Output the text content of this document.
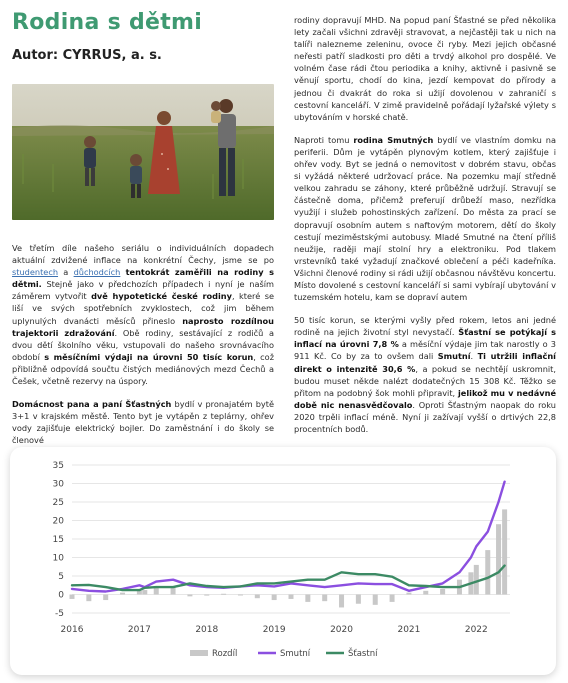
Rodina s dětmi
Autor: CYRRUS, a. s.

Ve třetím díle našeho seriálu o individuálních dopadech aktuální zdvižené inflace na konkrétní Čechy, jsme se po studentech a důchodcích tentokrát zaměřili na rodiny s dětmi. Stejně jako v předchozích případech i nyní je naším záměrem vytvořit dvě hypotetické české rodiny, které se liší ve svých spotřebních zvyklostech, což jim během uplynulých dvanácti měsíců přineslo naprosto rozdílnou trajektorii zdražování. Obě rodiny, sestávající z rodičů a dvou dětí školního věku, vstupovali do našeho srovnávacího období s měsíčními výdaji na úrovni 50 tisíc korun, což přibližně odpovídá součtu čistých mediánových mezd Čechů a Češek, včetně rezervy na úspory.

Domácnost pana a paní Šťastných bydlí v pronajatém bytě 3+1 v krajském městě. Tento byt je vytápěn z teplárny, ohřev vody zajišťuje elektrický bojler. Do zaměstnání i do školy se členové

rodiny dopravují MHD. Na popud paní Šťastné se před několika lety začali všichni zdravěji stravovat, a nejčastěji tak u nich na talíři nalezneme zeleninu, ovoce či ryby. Mezi jejich občasné neřesti patří sladkosti pro děti a trvdý alkohol pro dospělé. Ve volném čase rádi čtou periodika a knihy, aktivně i pasivně se věnují sportu, chodí do kina, jezdí kempovat do přírody a jednou či dvakrát do roka si užijí dovolenou v zahraničí s cestovní kanceláří. V zimě pravidelně pořádají lyžařské výlety s ubytováním v horské chatě.

Naproti tomu rodina Smutných bydlí ve vlastním domku na periferii. Dům je vytápěn plynovým kotlem, který zajišťuje i ohřev vody. Byt se jedná o nemovitost v dobrém stavu, občas si vyžádá některé udržovací práce. Na pozemku mají středně velkou zahradu se záhony, které průběžně udržují. Stravují se částečně doma, přičemž preferují drůbeží maso, nezřídka využijí i služeb pohostinských zařízení. Do města za prací se dopravují osobním autem s naftovým motorem, dětí do školy cestují meziměstskými autobusy. Mladé Smutné na čtení příliš neužije, raději mají stolní hry a elektroniku. Pod tlakem vrstevníků také vyžadují značkové oblečení a péči kadeřníka. Všichni členové rodiny si rádi užijí občasnou návštěvu koncertu. Místo dovolené s cestovní kanceláří si sami vybírají ubytování v tuzemském hotelu, kam se dopraví autem

50 tisíc korun, se kterými vyšly před rokem, letos ani jedné rodině na jejich životní styl nevystačí. Šťastní se potýkají s inflací na úrovni 7,8 % a měsíční výdaje jim tak narostly o 3 911 Kč. Co by za to ovšem dali Smutní. Ti utržili inflační direkt o intenzitě 30,6 %, a pokud se nechtějí uskromnit, budou muset někde nalézt dodatečných 15 308 Kč. Těžko se přitom na podobný šok mohli připravit, jelikož mu v nedávné době nic nenasvědčovalo. Oproti Šťastným naopak do roku 2020 trpěli inflací méně. Nyní ji zažívají vyšší o drtivých 22,8 procentních bodů.

-5
0
5
10
15
20
25
30
35
2016	2017	2018	2019	2020	2021	2022
Rozdíl	Smutní	Šťastní
